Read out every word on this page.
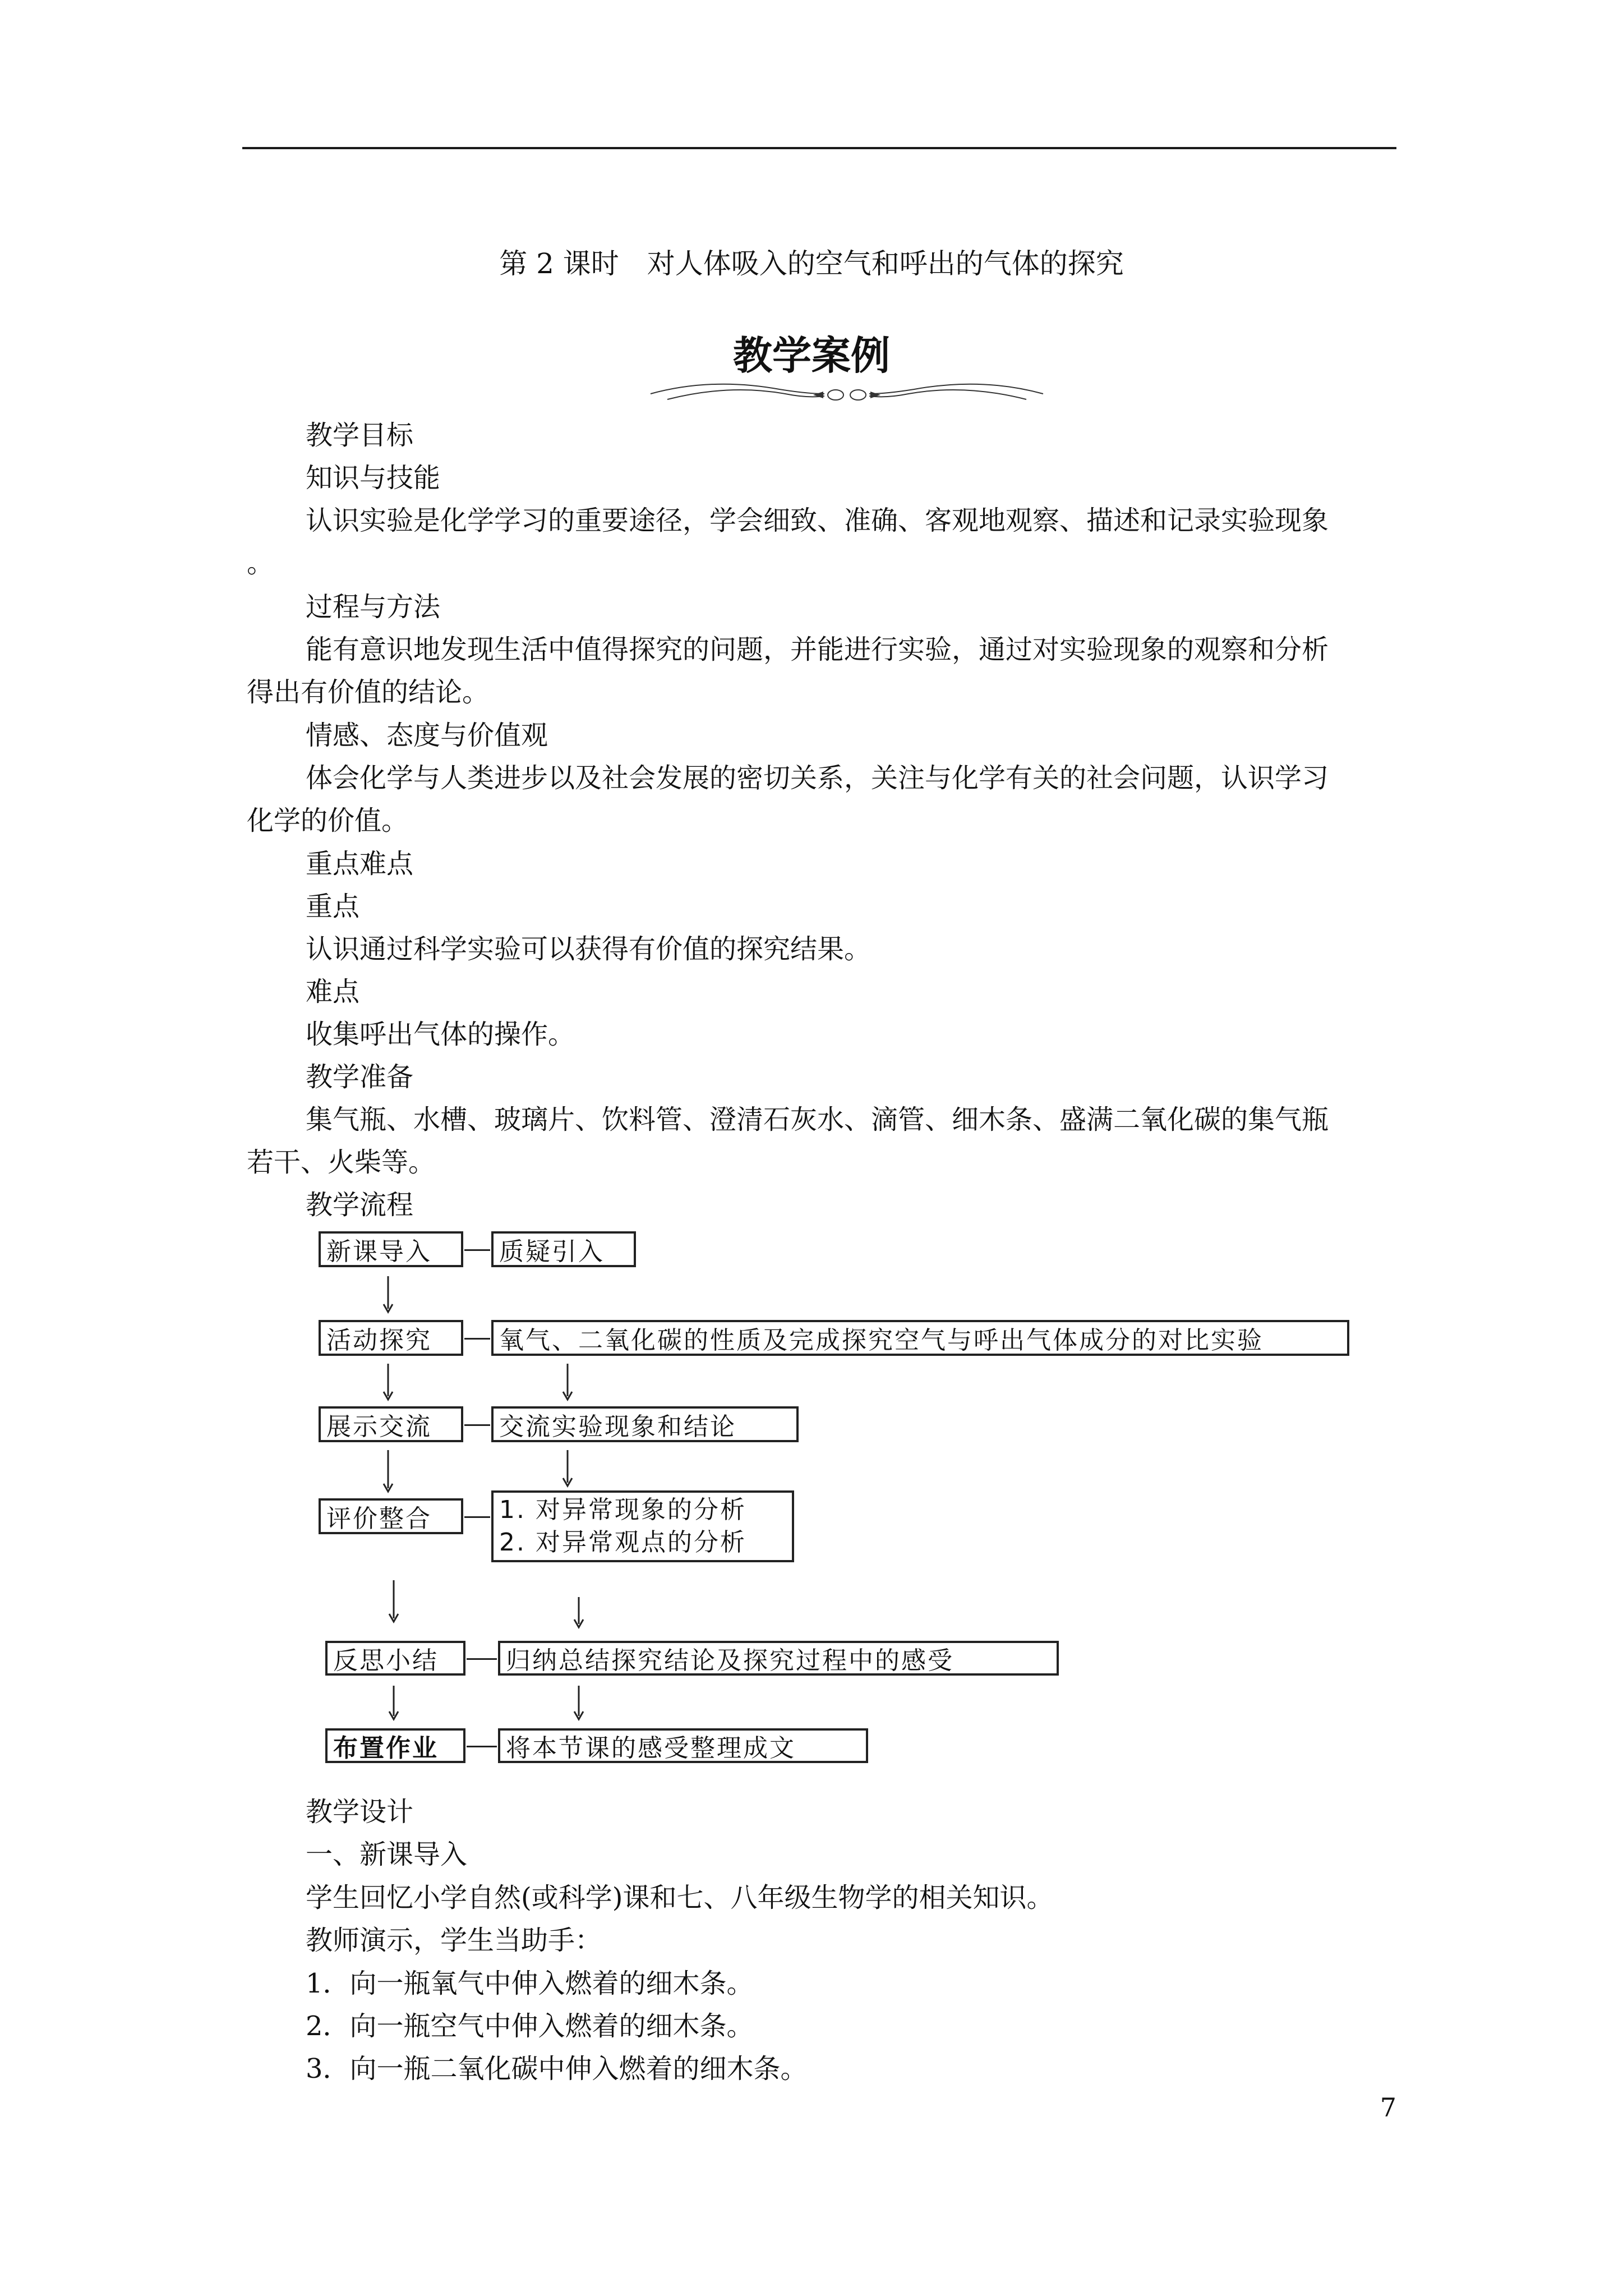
第 2 课时　对人体吸入的空气和呼出的气体的探究
教学案例
教学目标
知识与技能
认识实验是化学学习的重要途径，学会细致、准确、客观地观察、描述和记录实验现象
。
过程与方法
能有意识地发现生活中值得探究的问题，并能进行实验，通过对实验现象的观察和分析
得出有价值的结论。
情感、态度与价值观
体会化学与人类进步以及社会发展的密切关系，关注与化学有关的社会问题，认识学习
化学的价值。
重点难点
重点
认识通过科学实验可以获得有价值的探究结果。
难点
收集呼出气体的操作。
教学准备
集气瓶、水槽、玻璃片、饮料管、澄清石灰水、滴管、细木条、盛满二氧化碳的集气瓶
若干、火柴等。
教学流程
新课导入	质疑引入
活动探究	氧气、二氧化碳的性质及完成探究空气与呼出气体成分的对比实验
展示交流	交流实验现象和结论
评价整合	1. 对异常现象的分析
2. 对异常观点的分析
反思小结	归纳总结探究结论及探究过程中的感受
布置作业	将本节课的感受整理成文
教学设计
一、新课导入
学生回忆小学自然(或科学)课和七、八年级生物学的相关知识。
教师演示，学生当助手：
1．向一瓶氧气中伸入燃着的细木条。
2．向一瓶空气中伸入燃着的细木条。
3．向一瓶二氧化碳中伸入燃着的细木条。
7
